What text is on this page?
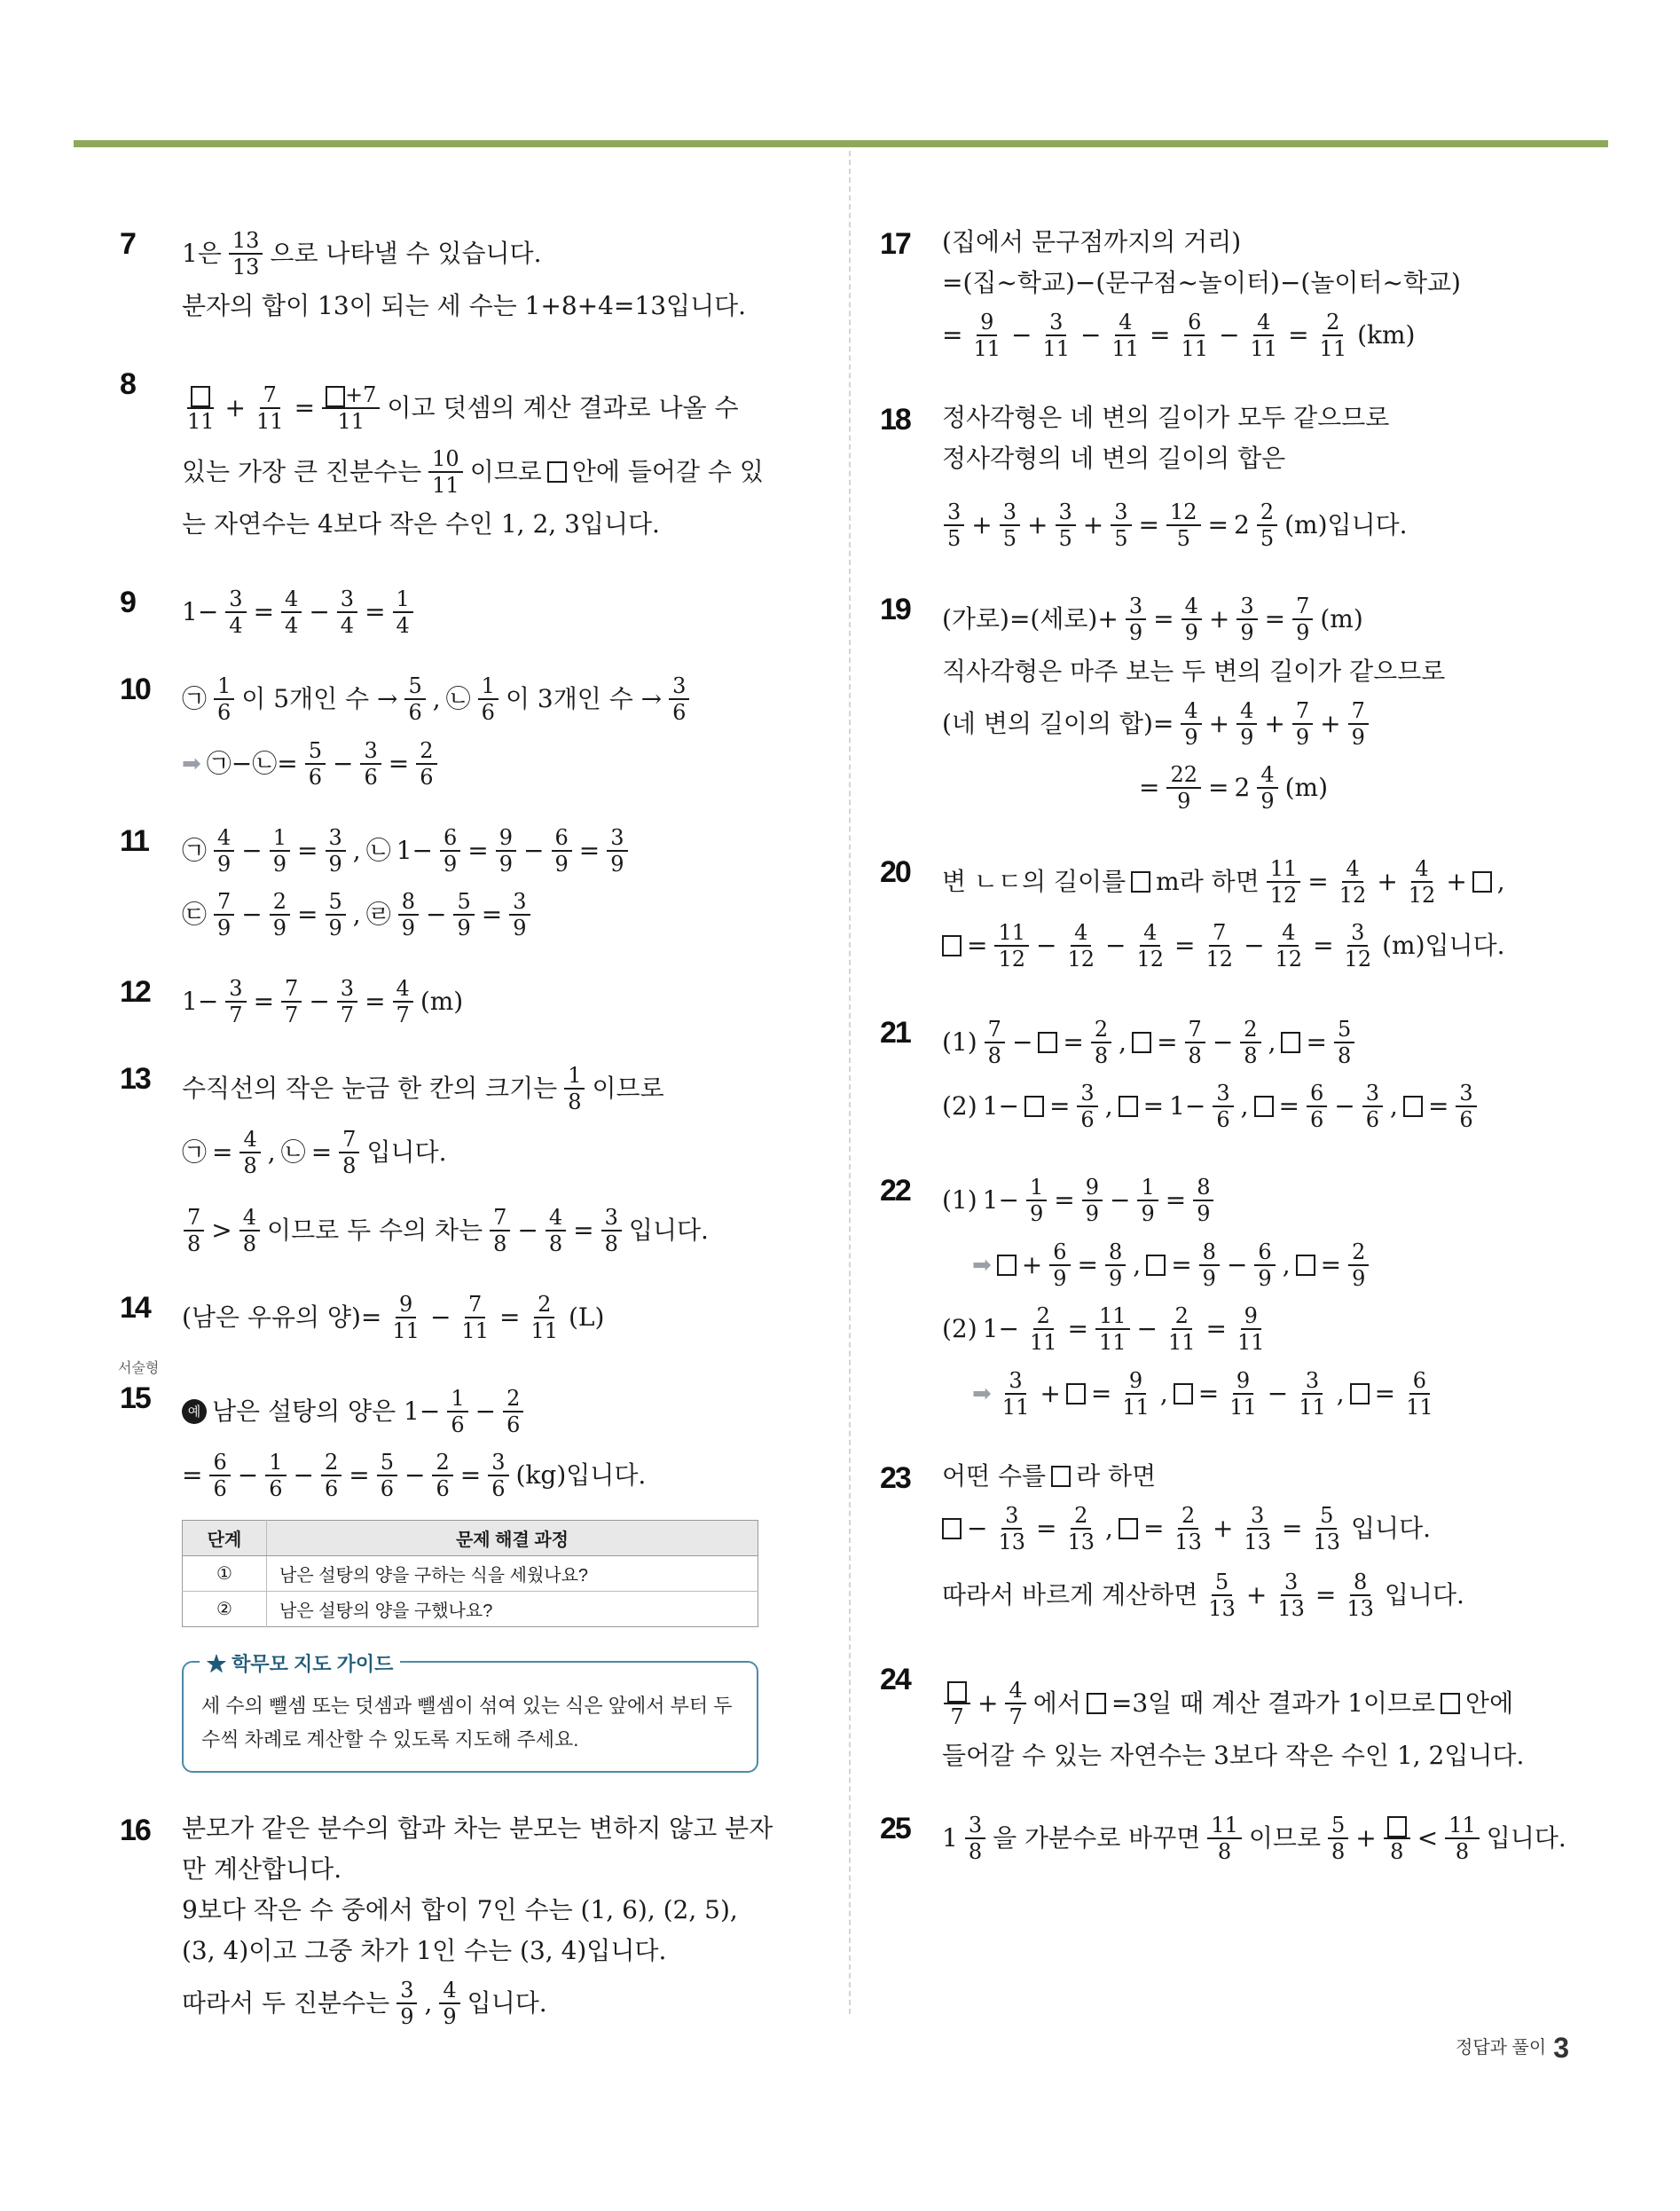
7	1은 $\frac{13}{13}$ 으로 나타낼 수 있습니다.
분자의 합이 13이 되는 세 수는 1+8+4=13입니다.
8
$11 + \frac{7}{11} = \frac{+7}{11}$ 이고 덧셈의 계산 결과로 나올 수
있는 가장 큰 진분수는 $\frac{10}{11}$ 이므로 안에 들어갈 수 있
는 자연수는 4보다 작은 수인 1, 2, 3입니다.
9	$1- \frac{3}{4} = \frac{4}{4} - \frac{3}{4} = \frac{1}{4}$
10	㉠ $\frac{1}{6}$ 이 5개인 수 → $\frac{5}{6}$ , ㉡ $\frac{1}{6}$ 이 3개인 수 → $\frac{3}{6}$
➡ ㉠−㉡= $\frac{5}{6} - \frac{3}{6} = \frac{2}{6}$
11	㉠ $\frac{4}{9} - \frac{1}{9} = \frac{3}{9}$ , ㉡ $1- \frac{6}{9} = \frac{9}{9} - \frac{6}{9} = \frac{3}{9}$
㉢ $\frac{7}{9} - \frac{2}{9} = \frac{5}{9}$ , ㉣ $\frac{8}{9} - \frac{5}{9} = \frac{3}{9}$
12	$1- \frac{3}{7} = \frac{7}{7} - \frac{3}{7} = \frac{4}{7} (m)$
13	수직선의 작은 눈금 한 칸의 크기는 $\frac{1}{8}$ 이므로
㉠ = $\frac{4}{8}$ , ㉡ = $\frac{7}{8}$ 입니다.
$\frac{7}{8} > \frac{4}{8}$ 이므로 두 수의 차는 $\frac{7}{8} - \frac{4}{8} = \frac{3}{8}$ 입니다.
14	(남은 우유의 양)= $\frac{9}{11} - \frac{7}{11} = \frac{2}{11} (L)$
서술형
15	예 남은 설탕의 양은 $1- \frac{1}{6} - \frac{2}{6}$
= $\frac{6}{6} - \frac{1}{6} - \frac{2}{6} = \frac{5}{6} - \frac{2}{6} = \frac{3}{6} (kg)$입니다.
단계	문제 해결 과정
①	남은 설탕의 양을 구하는 식을 세웠나요?
②	남은 설탕의 양을 구했나요?
★ 학무모 지도 가이드
세 수의 뺄셈 또는 덧셈과 뺄셈이 섞여 있는 식은 앞에서 부터 두 수씩 차례로 계산할 수 있도록 지도해 주세요.
16	분모가 같은 분수의 합과 차는 분모는 변하지 않고 분자
만 계산합니다.
9보다 작은 수 중에서 합이 7인 수는 (1, 6), (2, 5),
(3, 4)이고 그중 차가 1인 수는 (3, 4)입니다.
따라서 두 진분수는 $\frac{3}{9}$ , $\frac{4}{9}$ 입니다.
17	(집에서 문구점까지의 거리)
=(집~학교)−(문구점~놀이터)−(놀이터~학교)
= $\frac{9}{11} - \frac{3}{11} - \frac{4}{11} = \frac{6}{11} - \frac{4}{11} = \frac{2}{11} (km)$
18	정사각형은 네 변의 길이가 모두 같으므로
정사각형의 네 변의 길이의 합은
$\frac{3}{5} + \frac{3}{5} + \frac{3}{5} + \frac{3}{5} = \frac{12}{5} = 2 \frac{2}{5} (m)$입니다.
19	(가로)=(세로)+ $\frac{3}{9} = \frac{4}{9} + \frac{3}{9} = \frac{7}{9} (m)$
직사각형은 마주 보는 두 변의 길이가 같으므로
(네 변의 길이의 합)= $\frac{4}{9} + \frac{4}{9} + \frac{7}{9} + \frac{7}{9}$
= $\frac{22}{9} = 2 \frac{4}{9} (m)$
20	변 ㄴㄷ의 길이를 m라 하면 $\frac{11}{12} = \frac{4}{12} + \frac{4}{12}$ + ,
= $\frac{11}{12} - \frac{4}{12} - \frac{4}{12} = \frac{7}{12} - \frac{4}{12} = \frac{3}{12} (m)$입니다.
21	$(1) \frac{7}{8}$ − = $\frac{2}{8}$ , = $\frac{7}{8} - \frac{2}{8}$ , = $\frac{5}{8}$
(2) $1- = \frac{3}{6}$ , = $1- \frac{3}{6}$ , = $\frac{6}{6} - \frac{3}{6}$ , = $\frac{3}{6}$
22	(1) $1- \frac{1}{9} = \frac{9}{9} - \frac{1}{9} = \frac{8}{9}$
➡ + $\frac{6}{9} = \frac{8}{9}$ , = $\frac{8}{9} - \frac{6}{9}$ , = $\frac{2}{9}$
(2) $1- \frac{2}{11} = \frac{11}{11} - \frac{2}{11} = \frac{9}{11}$
➡ $\frac{3}{11}$ + = $\frac{9}{11}$ , = $\frac{9}{11} - \frac{3}{11}$ , = $\frac{6}{11}$
23	어떤 수를 라 하면
− $\frac{3}{13} = \frac{2}{13}$ , = $\frac{2}{13} + \frac{3}{13} = \frac{5}{13}$ 입니다.
따라서 바르게 계산하면 $\frac{5}{13} + \frac{3}{13} = \frac{8}{13}$ 입니다.
24
$7 + \frac{4}{7}$ 에서 =3일 때 계산 결과가 1이므로 안에
들어갈 수 있는 자연수는 3보다 작은 수인 1, 2입니다.
25	$1 \frac{3}{8}$ 을 가분수로 바꾸면 $\frac{11}{8}$ 이므로 $\frac{5}{8} + 8 < \frac{11}{8}$ 입니다.
정답과 풀이 3
